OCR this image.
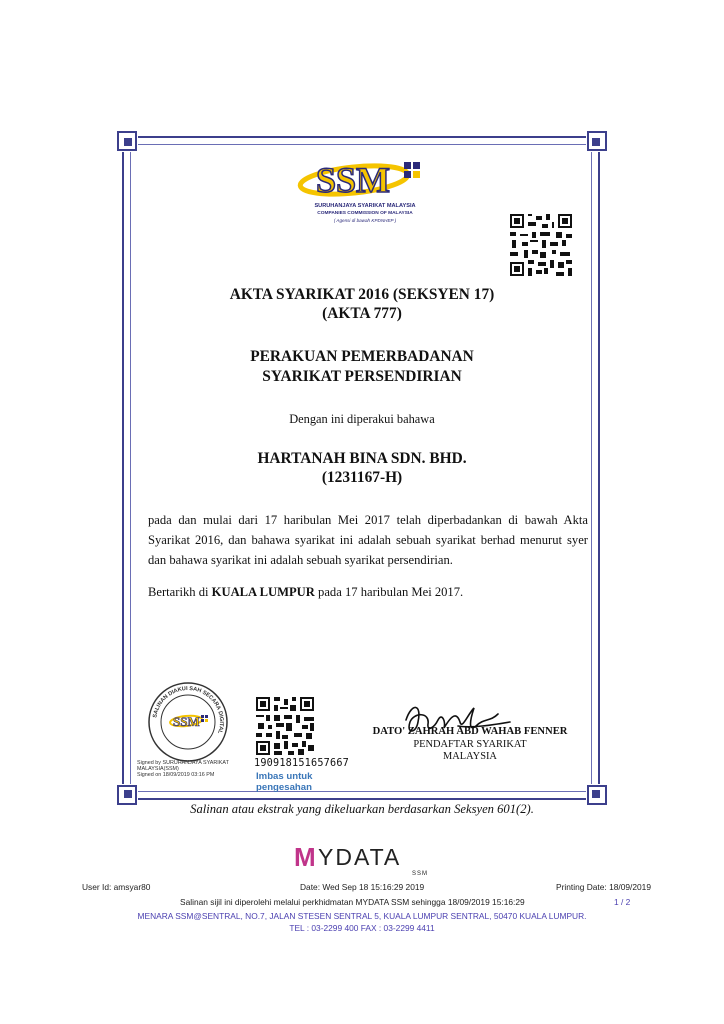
SSM
SURUHANJAYA SYARIKAT MALAYSIA
COMPANIES COMMISSION OF MALAYSIA
( Agensi di bawah KPDNHEP )
AKTA SYARIKAT 2016 (SEKSYEN 17)
(AKTA 777)
PERAKUAN PEMERBADANAN
SYARIKAT PERSENDIRIAN
Dengan ini diperakui bahawa
HARTANAH BINA SDN. BHD.
(1231167-H)
pada dan mulai dari 17 haribulan Mei 2017 telah diperbadankan di bawah Akta Syarikat 2016, dan bahawa syarikat ini adalah sebuah syarikat berhad menurut syer dan bahawa syarikat ini adalah sebuah syarikat persendirian.
Bertarikh di KUALA LUMPUR pada 17 haribulan Mei 2017.
SALINAN DIAKUI SAH SECARA DIGITAL
SSM
Signed by SURUHANJAYA SYARIKAT
MALAYSIA(SSM)
Signed on 18/09/2019 03:16 PM
190918151657667
Imbas untuk
pengesahan
DATO' ZAHRAH ABD WAHAB FENNER
PENDAFTAR SYARIKAT
MALAYSIA
Salinan atau ekstrak yang dikeluarkan berdasarkan Seksyen 601(2).
M YDATA
SSM
User Id: amsyar80	Date: Wed Sep 18 15:16:29 2019	Printing Date: 18/09/2019
Salinan sijil ini diperolehi melalui perkhidmatan MYDATA SSM sehingga 18/09/2019 15:16:29	1 / 2
MENARA SSM@SENTRAL, NO.7, JALAN STESEN SENTRAL 5, KUALA LUMPUR SENTRAL, 50470 KUALA LUMPUR.
TEL : 03-2299 400 FAX : 03-2299 4411
